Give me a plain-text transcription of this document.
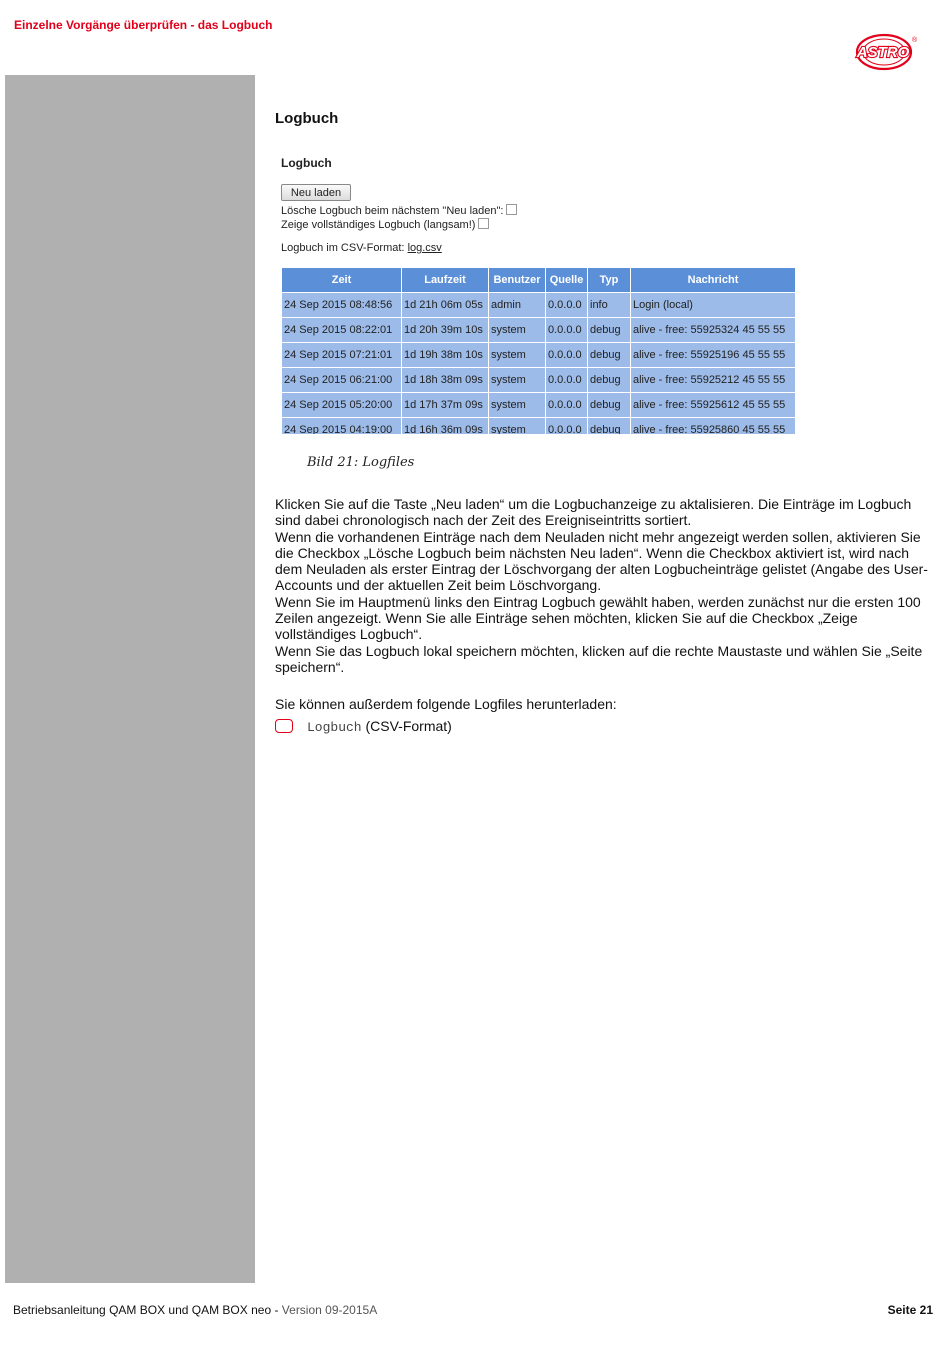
Einzelne Vorgänge überprüfen - das Logbuch
ASTRO
®
Logbuch
Logbuch
Neu laden
Lösche Logbuch beim nächstem "Neu laden":
Zeige vollständiges Logbuch (langsam!)
Logbuch im CSV-Format: log.csv
Zeit	Laufzeit	Benutzer	Quelle	Typ	Nachricht
24 Sep 2015 08:48:56	1d 21h 06m 05s	admin	0.0.0.0	info	Login (local)
24 Sep 2015 08:22:01	1d 20h 39m 10s	system	0.0.0.0	debug	alive - free: 55925324 45 55 55
24 Sep 2015 07:21:01	1d 19h 38m 10s	system	0.0.0.0	debug	alive - free: 55925196 45 55 55
24 Sep 2015 06:21:00	1d 18h 38m 09s	system	0.0.0.0	debug	alive - free: 55925212 45 55 55
24 Sep 2015 05:20:00	1d 17h 37m 09s	system	0.0.0.0	debug	alive - free: 55925612 45 55 55
24 Sep 2015 04:19:00	1d 16h 36m 09s	system	0.0.0.0	debug	alive - free: 55925860 45 55 55
Bild 21: Logfiles

Klicken Sie auf die Taste „Neu laden“ um die Logbuchanzeige zu aktalisieren. Die Einträge im Logbuch sind dabei chronologisch nach der Zeit des Ereigniseintritts sortiert.

Wenn die vorhandenen Einträge nach dem Neuladen nicht mehr angezeigt werden sollen, aktivieren Sie die Checkbox „Lösche Logbuch beim nächsten Neu laden“. Wenn die Checkbox aktiviert ist, wird nach dem Neuladen als erster Eintrag der Löschvorgang der alten Logbucheinträge gelistet (Angabe des User-Accounts und der aktuellen Zeit beim Löschvorgang.

Wenn Sie im Hauptmenü links den Eintrag Logbuch gewählt haben, werden zunächst nur die ersten 100 Zeilen angezeigt. Wenn Sie alle Einträge sehen möchten, klicken Sie auf die Checkbox „Zeige vollständiges Logbuch“.

Wenn Sie das Logbuch lokal speichern möchten, klicken auf die rechte Maustaste und wählen Sie „Seite speichern“.

Sie können außerdem folgende Logfiles herunterladen:
Logbuch (CSV-Format)
Betriebsanleitung QAM BOX und QAM BOX neo - Version 09-2015A	Seite 21
